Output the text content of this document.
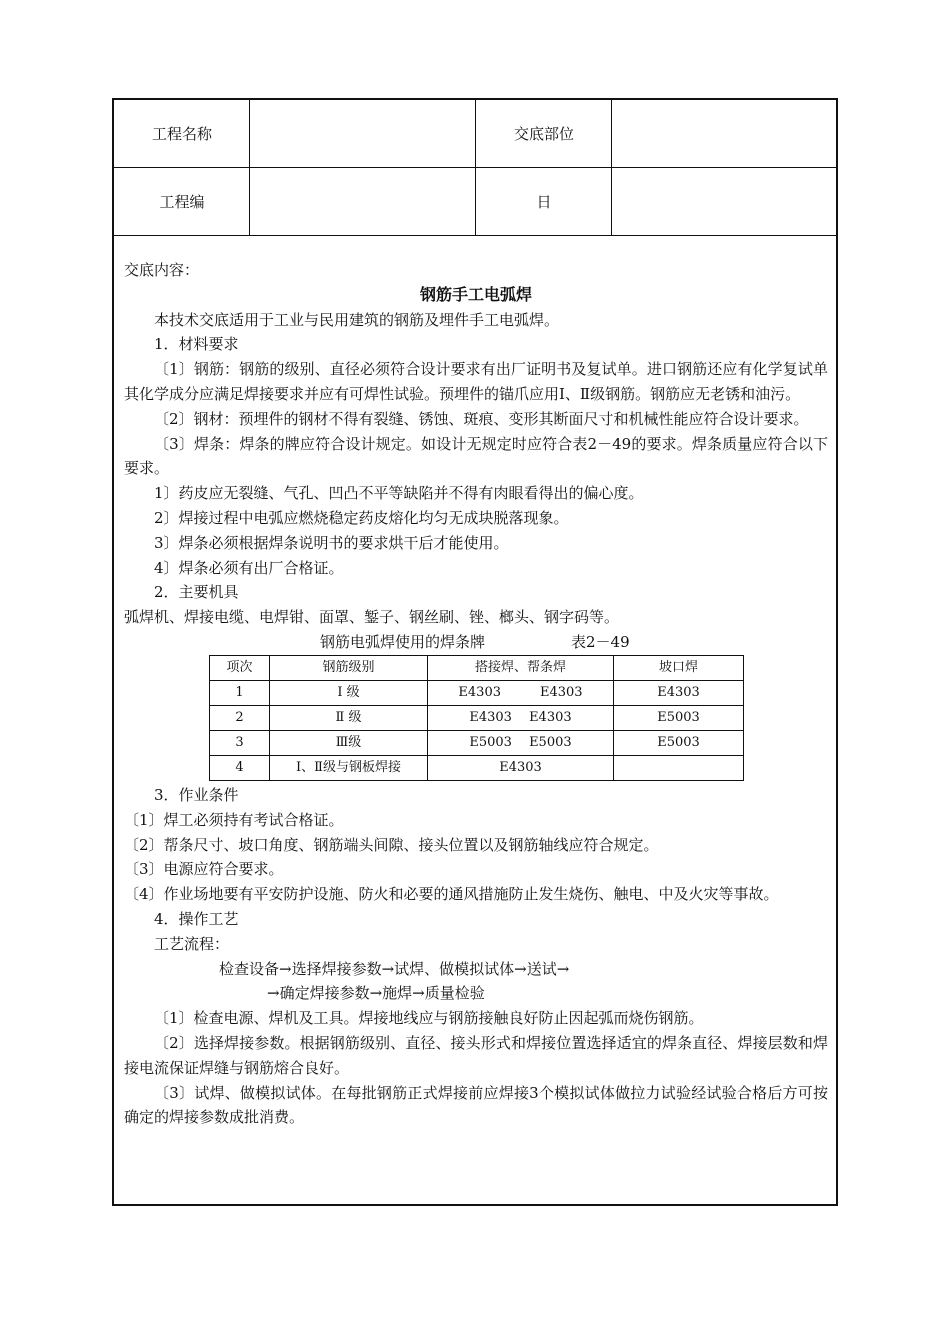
工程名称	交底部位
工程编	日

交底内容：

钢筋手工电弧焊

本技术交底适用于工业与民用建筑的钢筋及埋件手工电弧焊。

1．材料要求

〔1〕钢筋：钢筋的级别、直径必须符合设计要求有出厂证明书及复试单。进口钢筋还应有化学复试单其化学成分应满足焊接要求并应有可焊性试验。预埋件的锚爪应用Ⅰ、Ⅱ级钢筋。钢筋应无老锈和油污。

〔2〕钢材：预埋件的钢材不得有裂缝、锈蚀、斑痕、变形其断面尺寸和机械性能应符合设计要求。

〔3〕焊条：焊条的牌应符合设计规定。如设计无规定时应符合表2－49的要求。焊条质量应符合以下要求。

1〕药皮应无裂缝、气孔、凹凸不平等缺陷并不得有肉眼看得出的偏心度。

2〕焊接过程中电弧应燃烧稳定药皮熔化均匀无成块脱落现象。

3〕焊条必须根据焊条说明书的要求烘干后才能使用。

4〕焊条必须有出厂合格证。

2．主要机具

弧焊机、焊接电缆、电焊钳、面罩、錾子、钢丝刷、锉、榔头、钢字码等。

钢筋电弧焊使用的焊条牌	表2－49
项次	钢筋级别	搭接焊、帮条焊	坡口焊
1	Ⅰ 级	E4303　　　E4303	E4303
2	Ⅱ 级	E4303　 E4303	E5003
3	Ⅲ级	E5003　 E5003	E5003
4	Ⅰ、Ⅱ级与钢板焊接	E4303	

3．作业条件

〔1〕焊工必须持有考试合格证。

〔2〕帮条尺寸、坡口角度、钢筋端头间隙、接头位置以及钢筋轴线应符合规定。

〔3〕电源应符合要求。

〔4〕作业场地要有平安防护设施、防火和必要的通风措施防止发生烧伤、触电、中及火灾等事故。

4．操作工艺

工艺流程：

检查设备→选择焊接参数→试焊、做模拟试体→送试→

→确定焊接参数→施焊→质量检验

〔1〕检查电源、焊机及工具。焊接地线应与钢筋接触良好防止因起弧而烧伤钢筋。

〔2〕选择焊接参数。根据钢筋级别、直径、接头形式和焊接位置选择适宜的焊条直径、焊接层数和焊接电流保证焊缝与钢筋熔合良好。

〔3〕试焊、做模拟试体。在每批钢筋正式焊接前应焊接3个模拟试体做拉力试验经试验合格后方可按确定的焊接参数成批消费。
